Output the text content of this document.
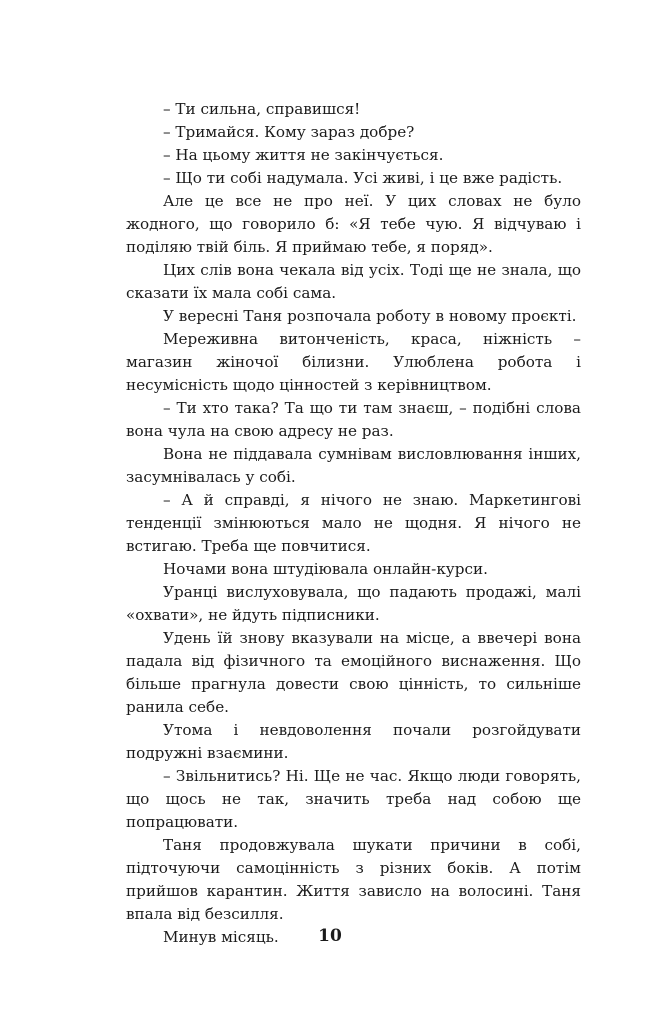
– Ти сильна, справишся!

– Тримайся. Кому зараз добре?

– На цьому життя не закінчується.

– Що ти собі надумала. Усі живі, і це вже радість.

Але це все не про неї. У цих словах не було жодного, що говорило б: «Я тебе чую. Я відчуваю і поділяю твій біль. Я приймаю тебе, я поряд».

Цих слів вона чекала від усіх. Тоді ще не знала, що сказати їх мала собі сама.

У вересні Таня розпочала роботу в новому проєкті.

Мереживна витонченість, краса, ніжність – магазин жіночої білизни. Улюблена робота і несумісність щодо цінностей з керівництвом.

– Ти хто така? Та що ти там знаєш, – подібні слова вона чула на свою адресу не раз.

Вона не піддавала сумнівам висловлювання інших, засумнівалась у собі.

– А й справді, я нічого не знаю. Маркетингові тенденції змінюються мало не щодня. Я нічого не встигаю. Треба ще повчитися.

Ночами вона штудіювала онлайн-курси.

Уранці вислуховувала, що падають продажі, малі «охвати», не йдуть підписники.

Удень їй знову вказували на місце, а ввечері вона падала від фізичного та емоційного виснаження. Що більше прагнула довести свою цінність, то сильніше ранила себе.

Утома і невдоволення почали розгойдувати подружні взаємини.

– Звільнитись? Ні. Ще не час. Якщо люди говорять, що щось не так, значить треба над собою ще попрацювати.

Таня продовжувала шукати причини в собі, підточуючи самоцінність з різних боків. А потім прийшов карантин. Життя зависло на волосині. Таня впала від безсилля.

Минув місяць.	10
